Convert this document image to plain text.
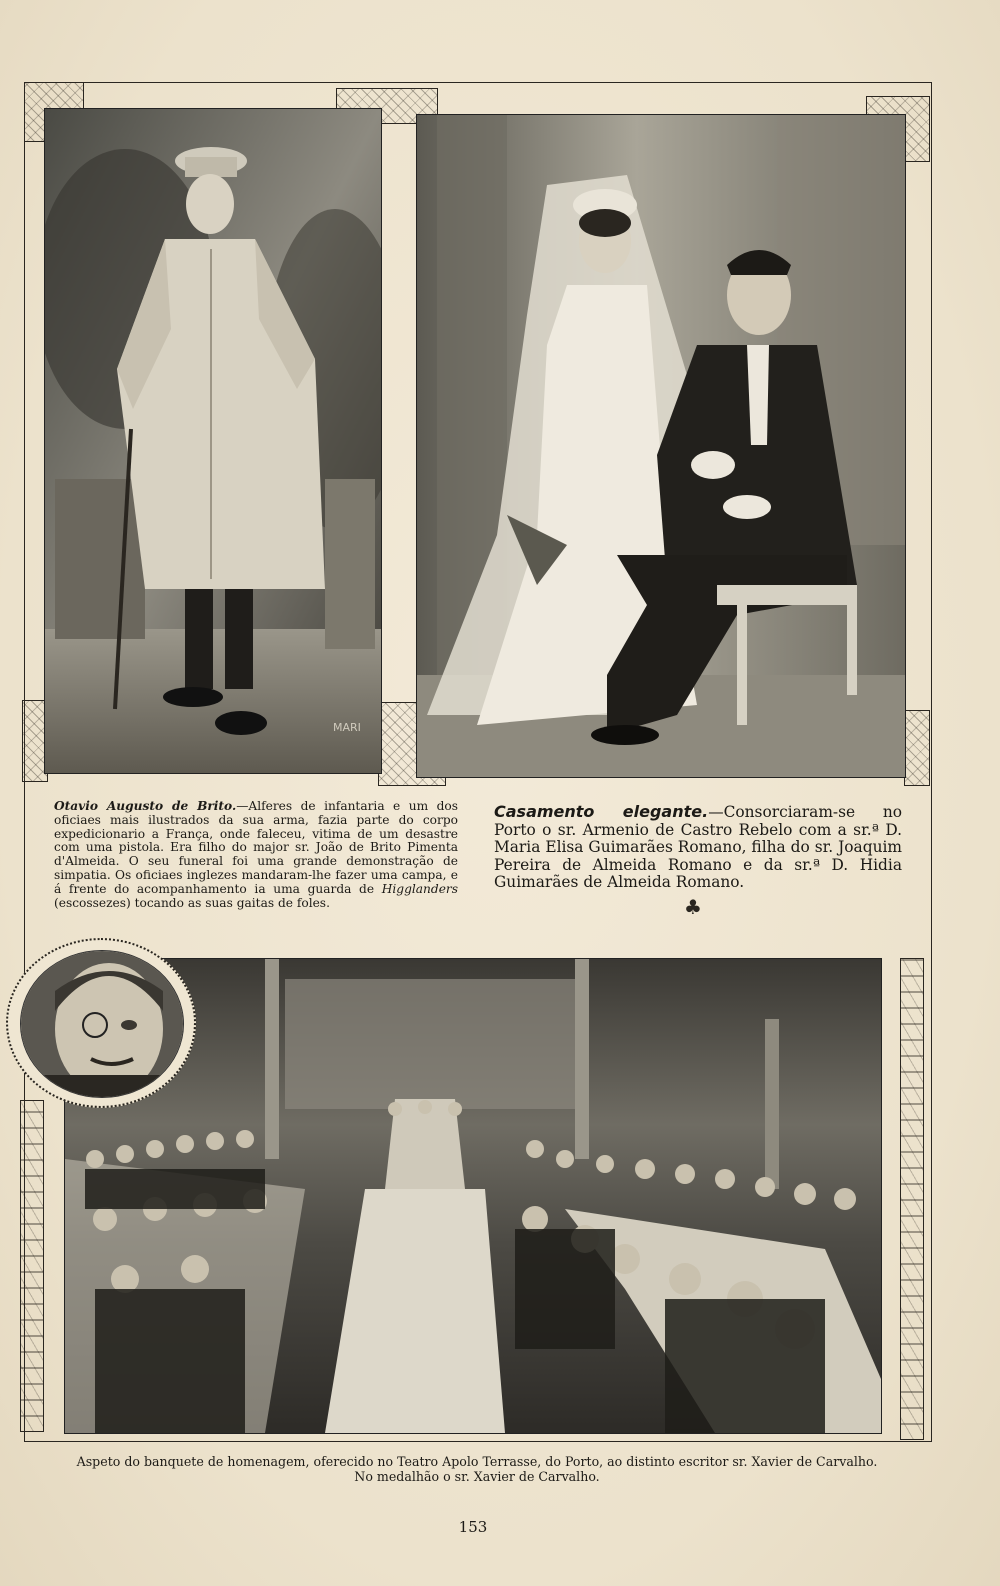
MARI
Otavio Augusto de Brito.—Alferes de infantaria e um dos oficiaes mais ilustrados da sua arma, fazia parte do corpo expedicionario a França, onde faleceu, vitima de um desastre com uma pistola. Era filho do major sr. João de Brito Pimenta d'Almeida. O seu funeral foi uma grande demonstração de simpatia. Os oficiaes inglezes mandaram-lhe fazer uma campa, e á frente do acompanhamento ia uma guarda de Higglanders (escossezes) tocando as suas gaitas de foles.
Casamento elegante.—Consorciaram-se no Porto o sr. Armenio de Castro Rebelo com a sr.ª D. Maria Elisa Guimarães Romano, filha do sr. Joaquim Pereira de Almeida Romano e da sr.ª D. Hidia Guimarães de Almeida Romano.
♣
Aspeto do banquete de homenagem, oferecido no Teatro Apolo Terrasse, do Porto, ao distinto escritor sr. Xavier de Carvalho.
No medalhão o sr. Xavier de Carvalho.
153
